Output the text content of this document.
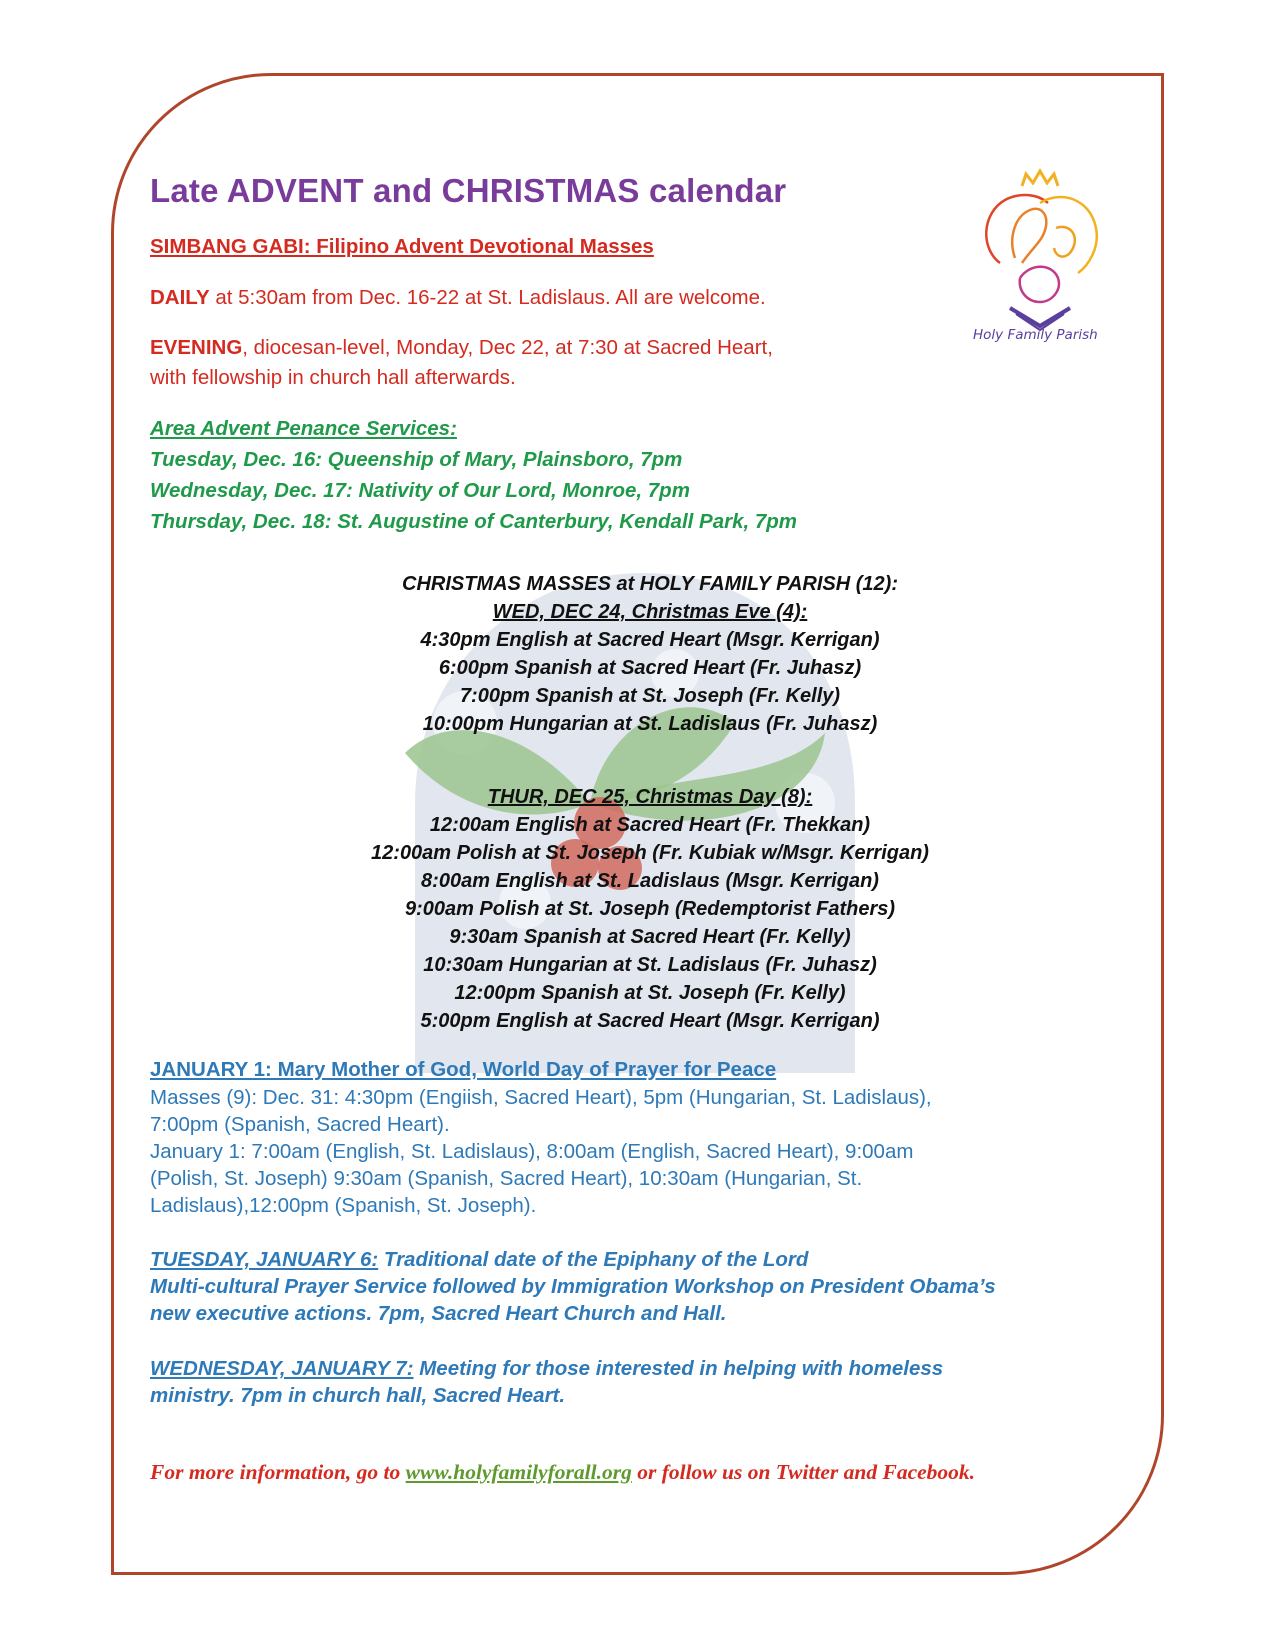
Late ADVENT and CHRISTMAS calendar
Holy Family Parish

SIMBANG GABI: Filipino Advent Devotional Masses

DAILY at 5:30am from Dec. 16-22 at St. Ladislaus. All are welcome.

EVENING, diocesan-level, Monday, Dec 22, at 7:30 at Sacred Heart,

with fellowship in church hall afterwards.

Area Advent Penance Services:

Tuesday, Dec. 16: Queenship of Mary, Plainsboro, 7pm

Wednesday, Dec. 17: Nativity of Our Lord, Monroe, 7pm

Thursday, Dec. 18: St. Augustine of Canterbury, Kendall Park, 7pm

CHRISTMAS MASSES at HOLY FAMILY PARISH (12):
WED, DEC 24, Christmas Eve (4):
4:30pm English at Sacred Heart (Msgr. Kerrigan)
6:00pm Spanish at Sacred Heart (Fr. Juhasz)
7:00pm Spanish at St. Joseph (Fr. Kelly)
10:00pm Hungarian at St. Ladislaus (Fr. Juhasz)
THUR, DEC 25, Christmas Day (8):
12:00am English at Sacred Heart (Fr. Thekkan)
12:00am Polish at St. Joseph (Fr. Kubiak w/Msgr. Kerrigan)
8:00am English at St. Ladislaus (Msgr. Kerrigan)
9:00am Polish at St. Joseph (Redemptorist Fathers)
9:30am Spanish at Sacred Heart (Fr. Kelly)
10:30am Hungarian at St. Ladislaus (Fr. Juhasz)
12:00pm Spanish at St. Joseph (Fr. Kelly)
5:00pm English at Sacred Heart (Msgr. Kerrigan)

JANUARY 1: Mary Mother of God, World Day of Prayer for Peace

Masses (9): Dec. 31: 4:30pm (Engiish, Sacred Heart), 5pm (Hungarian, St. Ladislaus),

7:00pm (Spanish, Sacred Heart).

January 1: 7:00am (English, St. Ladislaus), 8:00am (English, Sacred Heart), 9:00am

(Polish, St. Joseph) 9:30am (Spanish, Sacred Heart), 10:30am (Hungarian, St.

Ladislaus),12:00pm (Spanish, St. Joseph).

TUESDAY, JANUARY 6: Traditional date of the Epiphany of the Lord

Multi-cultural Prayer Service followed by Immigration Workshop on President Obama’s

new executive actions. 7pm, Sacred Heart Church and Hall.

WEDNESDAY, JANUARY 7: Meeting for those interested in helping with homeless

ministry. 7pm in church hall, Sacred Heart.

For more information, go to www.holyfamilyforall.org or follow us on Twitter and Facebook.
